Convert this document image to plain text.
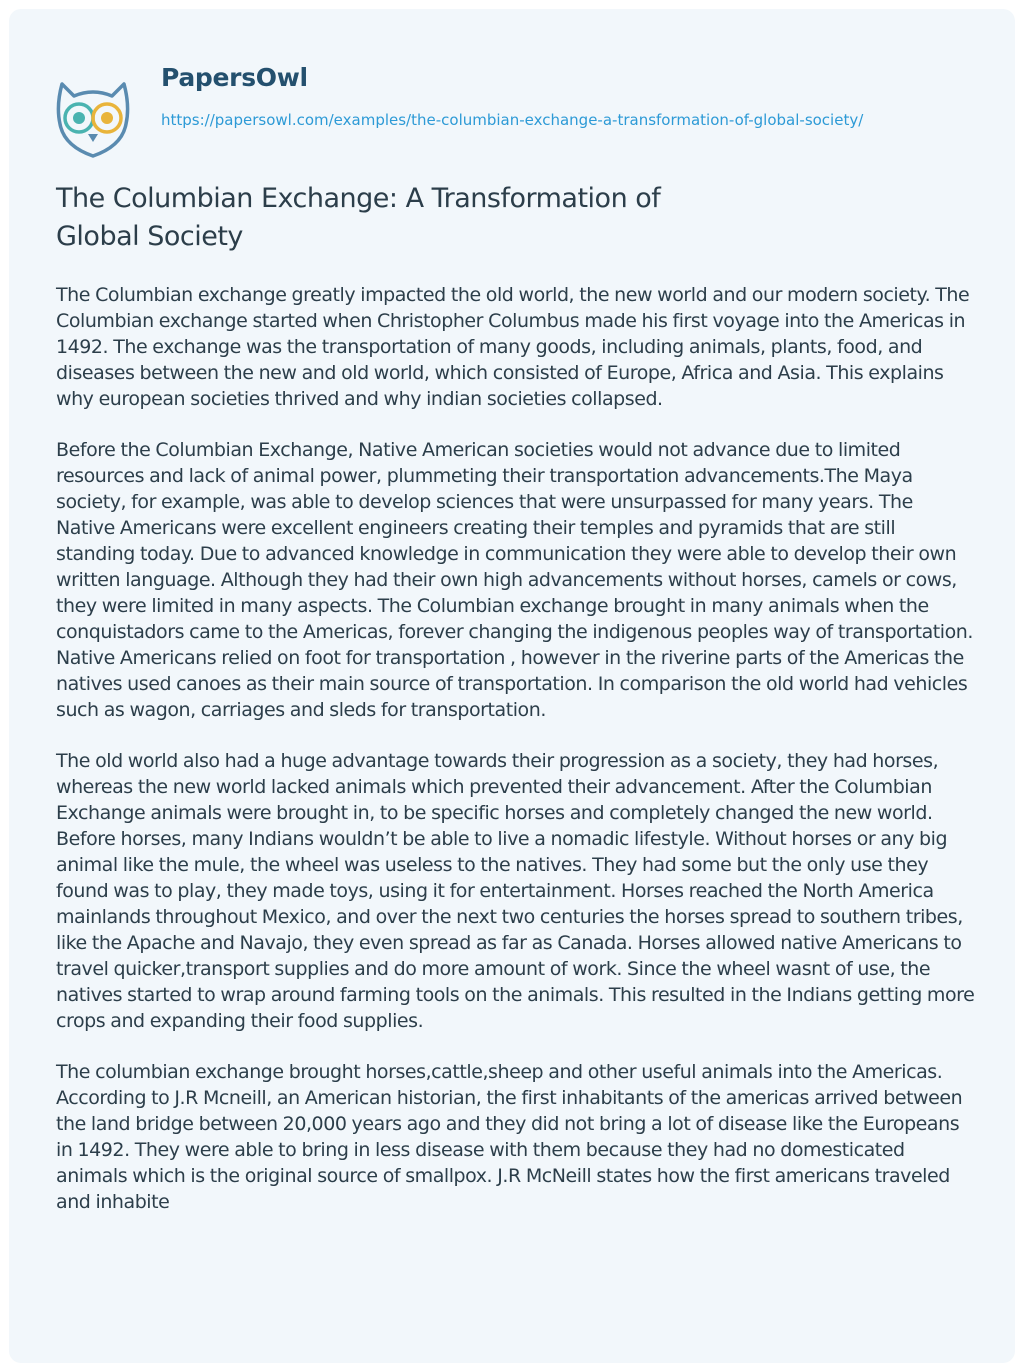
PapersOwl
https://papersowl.com/examples/the-columbian-exchange-a-transformation-of-global-society/
The Columbian Exchange: A Transformation of Global Society

The Columbian exchange greatly impacted the old world, the new world and our modern society. The Columbian exchange started when Christopher Columbus made his first voyage into the Americas in 1492. The exchange was the transportation of many goods, including animals, plants, food, and diseases between the new and old world, which consisted of Europe, Africa and Asia. This explains why european societies thrived and why indian societies collapsed.

Before the Columbian Exchange, Native American societies would not advance due to limited resources and lack of animal power, plummeting their transportation advancements.The Maya society, for example, was able to develop sciences that were unsurpassed for many years. The Native Americans were excellent engineers creating their temples and pyramids that are still standing today. Due to advanced knowledge in communication they were able to develop their own written language. Although they had their own high advancements without horses, camels or cows, they were limited in many aspects. The Columbian exchange brought in many animals when the conquistadors came to the Americas, forever changing the indigenous peoples way of transportation. Native Americans relied on foot for transportation , however in the riverine parts of the Americas the natives used canoes as their main source of transportation. In comparison the old world had vehicles such as wagon, carriages and sleds for transportation.

The old world also had a huge advantage towards their progression as a society, they had horses, whereas the new world lacked animals which prevented their advancement. After the Columbian Exchange animals were brought in, to be specific horses and completely changed the new world. Before horses, many Indians wouldn’t be able to live a nomadic lifestyle. Without horses or any big animal like the mule, the wheel was useless to the natives. They had some but the only use they found was to play, they made toys, using it for entertainment. Horses reached the North America mainlands throughout Mexico, and over the next two centuries the horses spread to southern tribes, like the Apache and Navajo, they even spread as far as Canada. Horses allowed native Americans to travel quicker,transport supplies and do more amount of work. Since the wheel wasnt of use, the natives started to wrap around farming tools on the animals. This resulted in the Indians getting more crops and expanding their food supplies.

The columbian exchange brought horses,cattle,sheep and other useful animals into the Americas. According to J.R Mcneill, an American historian, the first inhabitants of the americas arrived between the land bridge between 20,000 years ago and they did not bring a lot of disease like the Europeans in 1492. They were able to bring in less disease with them because they had no domesticated animals which is the original source of smallpox. J.R McNeill states how the first americans traveled and inhabite
